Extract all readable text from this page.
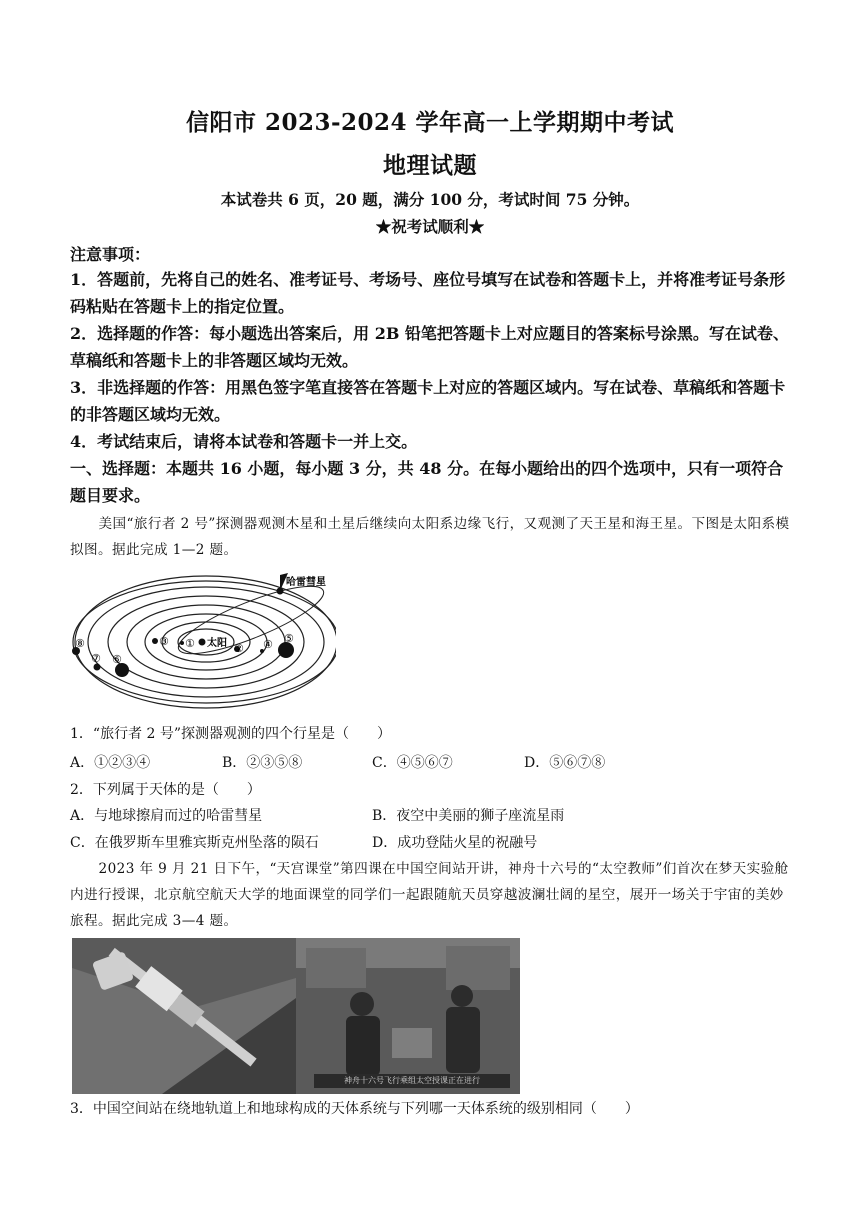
信阳市 2023-2024 学年高一上学期期中考试
地理试题
本试卷共 6 页，20 题，满分 100 分，考试时间 75 分钟。
★祝考试顺利★
注意事项：
1．答题前，先将自己的姓名、准考证号、考场号、座位号填写在试卷和答题卡上，并将准考证号条形码粘贴在答题卡上的指定位置。
2．选择题的作答：每小题选出答案后，用 2B 铅笔把答题卡上对应题目的答案标号涂黑。写在试卷、草稿纸和答题卡上的非答题区域均无效。
3．非选择题的作答：用黑色签字笔直接答在答题卡上对应的答题区域内。写在试卷、草稿纸和答题卡的非答题区域均无效。
4．考试结束后，请将本试卷和答题卡一并上交。
一、选择题：本题共 16 小题，每小题 3 分，共 48 分。在每小题给出的四个选项中，只有一项符合题目要求。
美国“旅行者 2 号”探测器观测木星和土星后继续向太阳系边缘飞行，又观测了天王星和海王星。下图是太阳系模拟图。据此完成 1—2 题。
太阳
①	②
③	④ ⑤
⑥
⑦
⑧
哈雷彗星
1．“旅行者 2 号”探测器观测的四个行星是（　　）
A．①②③④	B．②③⑤⑧	C．④⑤⑥⑦	D．⑤⑥⑦⑧
2．下列属于天体的是（　　）
A．与地球擦肩而过的哈雷彗星	B．夜空中美丽的狮子座流星雨
C．在俄罗斯车里雅宾斯克州坠落的陨石	D．成功登陆火星的祝融号
2023 年 9 月 21 日下午，“天宫课堂”第四课在中国空间站开讲，神舟十六号的“太空教师”们首次在梦天实验舱内进行授课，北京航空航天大学的地面课堂的同学们一起跟随航天员穿越波澜壮阔的星空，展开一场关于宇宙的美妙旅程。据此完成 3—4 题。
神舟十六号飞行乘组太空授课正在进行
3．中国空间站在绕地轨道上和地球构成的天体系统与下列哪一天体系统的级别相同（　　）
